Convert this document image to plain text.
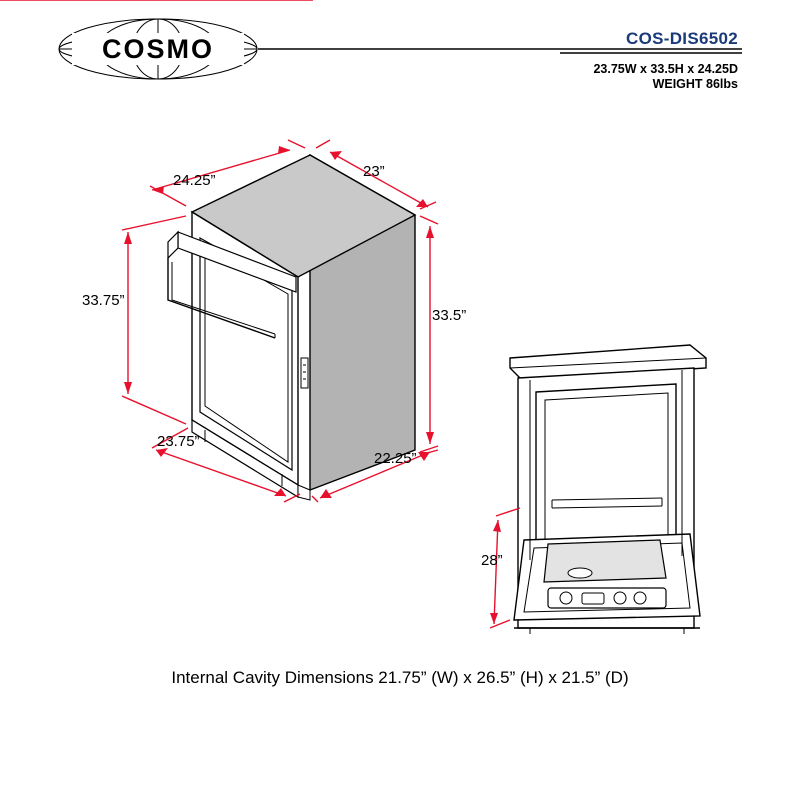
COSMO	COS-DIS6502
23.75W x 33.5H x 24.25D
WEIGHT 86lbs
24.25”
23”
33.75”
33.5”
23.75”
22.25”
28”
Internal Cavity Dimensions 21.75” (W) x 26.5” (H) x 21.5” (D)
